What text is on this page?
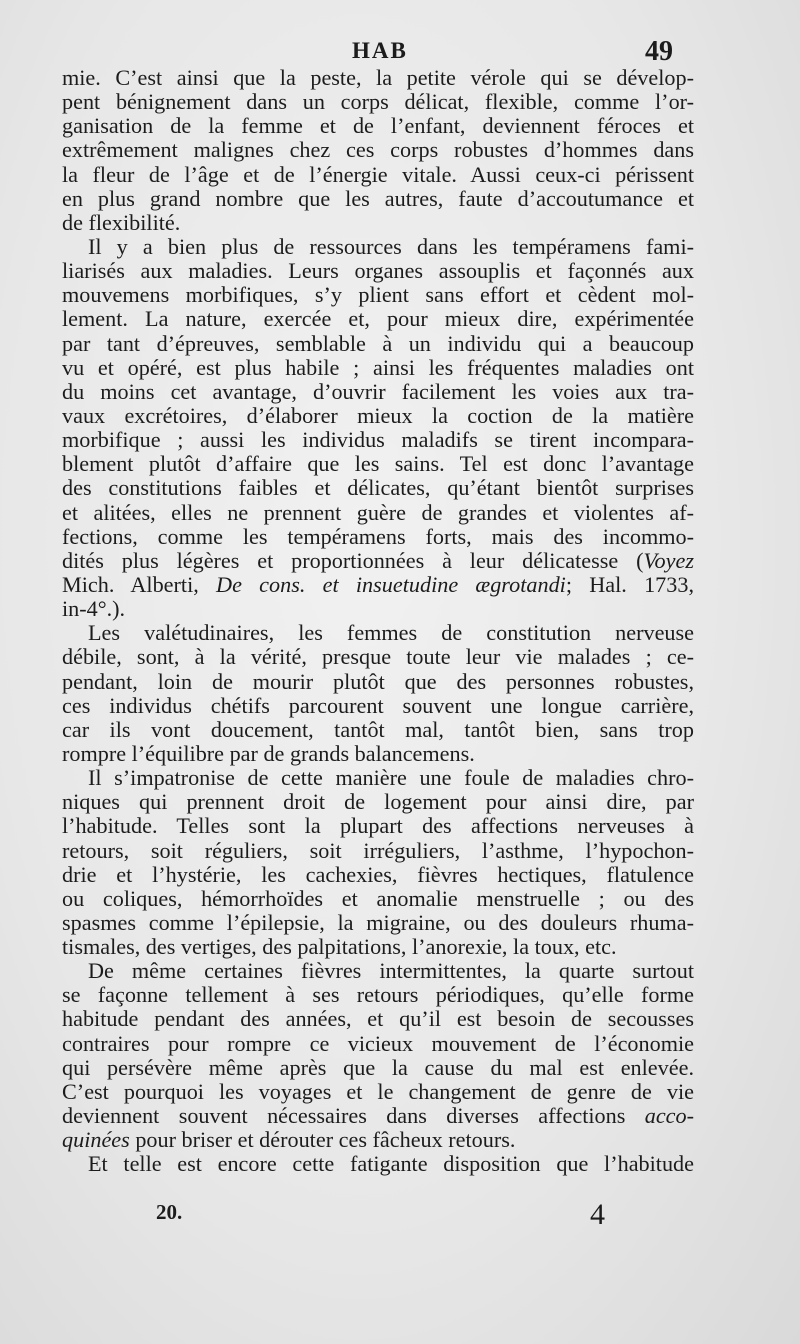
HAB	49
mie. C’est ainsi que la peste, la petite vérole qui se dévelop-
pent bénignement dans un corps délicat, flexible, comme l’or-
ganisation de la femme et de l’enfant, deviennent féroces et
extrêmement malignes chez ces corps robustes d’hommes dans
la fleur de l’âge et de l’énergie vitale. Aussi ceux-ci périssent
en plus grand nombre que les autres, faute d’accoutumance et
de flexibilité.
Il y a bien plus de ressources dans les tempéramens fami-
liarisés aux maladies. Leurs organes assouplis et façonnés aux
mouvemens morbifiques, s’y plient sans effort et cèdent mol-
lement. La nature, exercée et, pour mieux dire, expérimentée
par tant d’épreuves, semblable à un individu qui a beaucoup
vu et opéré, est plus habile ; ainsi les fréquentes maladies ont
du moins cet avantage, d’ouvrir facilement les voies aux tra-
vaux excrétoires, d’élaborer mieux la coction de la matière
morbifique ; aussi les individus maladifs se tirent incompara-
blement plutôt d’affaire que les sains. Tel est donc l’avantage
des constitutions faibles et délicates, qu’étant bientôt surprises
et alitées, elles ne prennent guère de grandes et violentes af-
fections, comme les tempéramens forts, mais des incommo-
dités plus légères et proportionnées à leur délicatesse (Voyez
Mich. Alberti, De cons. et insuetudine ægrotandi; Hal. 1733,
in-4°.).
Les valétudinaires, les femmes de constitution nerveuse
débile, sont, à la vérité, presque toute leur vie malades ; ce-
pendant, loin de mourir plutôt que des personnes robustes,
ces individus chétifs parcourent souvent une longue carrière,
car ils vont doucement, tantôt mal, tantôt bien, sans trop
rompre l’équilibre par de grands balancemens.
Il s’impatronise de cette manière une foule de maladies chro-
niques qui prennent droit de logement pour ainsi dire, par
l’habitude. Telles sont la plupart des affections nerveuses à
retours, soit réguliers, soit irréguliers, l’asthme, l’hypochon-
drie et l’hystérie, les cachexies, fièvres hectiques, flatulence
ou coliques, hémorrhoïdes et anomalie menstruelle ; ou des
spasmes comme l’épilepsie, la migraine, ou des douleurs rhuma-
tismales, des vertiges, des palpitations, l’anorexie, la toux, etc.
De même certaines fièvres intermittentes, la quarte surtout
se façonne tellement à ses retours périodiques, qu’elle forme
habitude pendant des années, et qu’il est besoin de secousses
contraires pour rompre ce vicieux mouvement de l’économie
qui persévère même après que la cause du mal est enlevée.
C’est pourquoi les voyages et le changement de genre de vie
deviennent souvent nécessaires dans diverses affections acco-
quinées pour briser et dérouter ces fâcheux retours.
Et telle est encore cette fatigante disposition que l’habitude
20.	4
